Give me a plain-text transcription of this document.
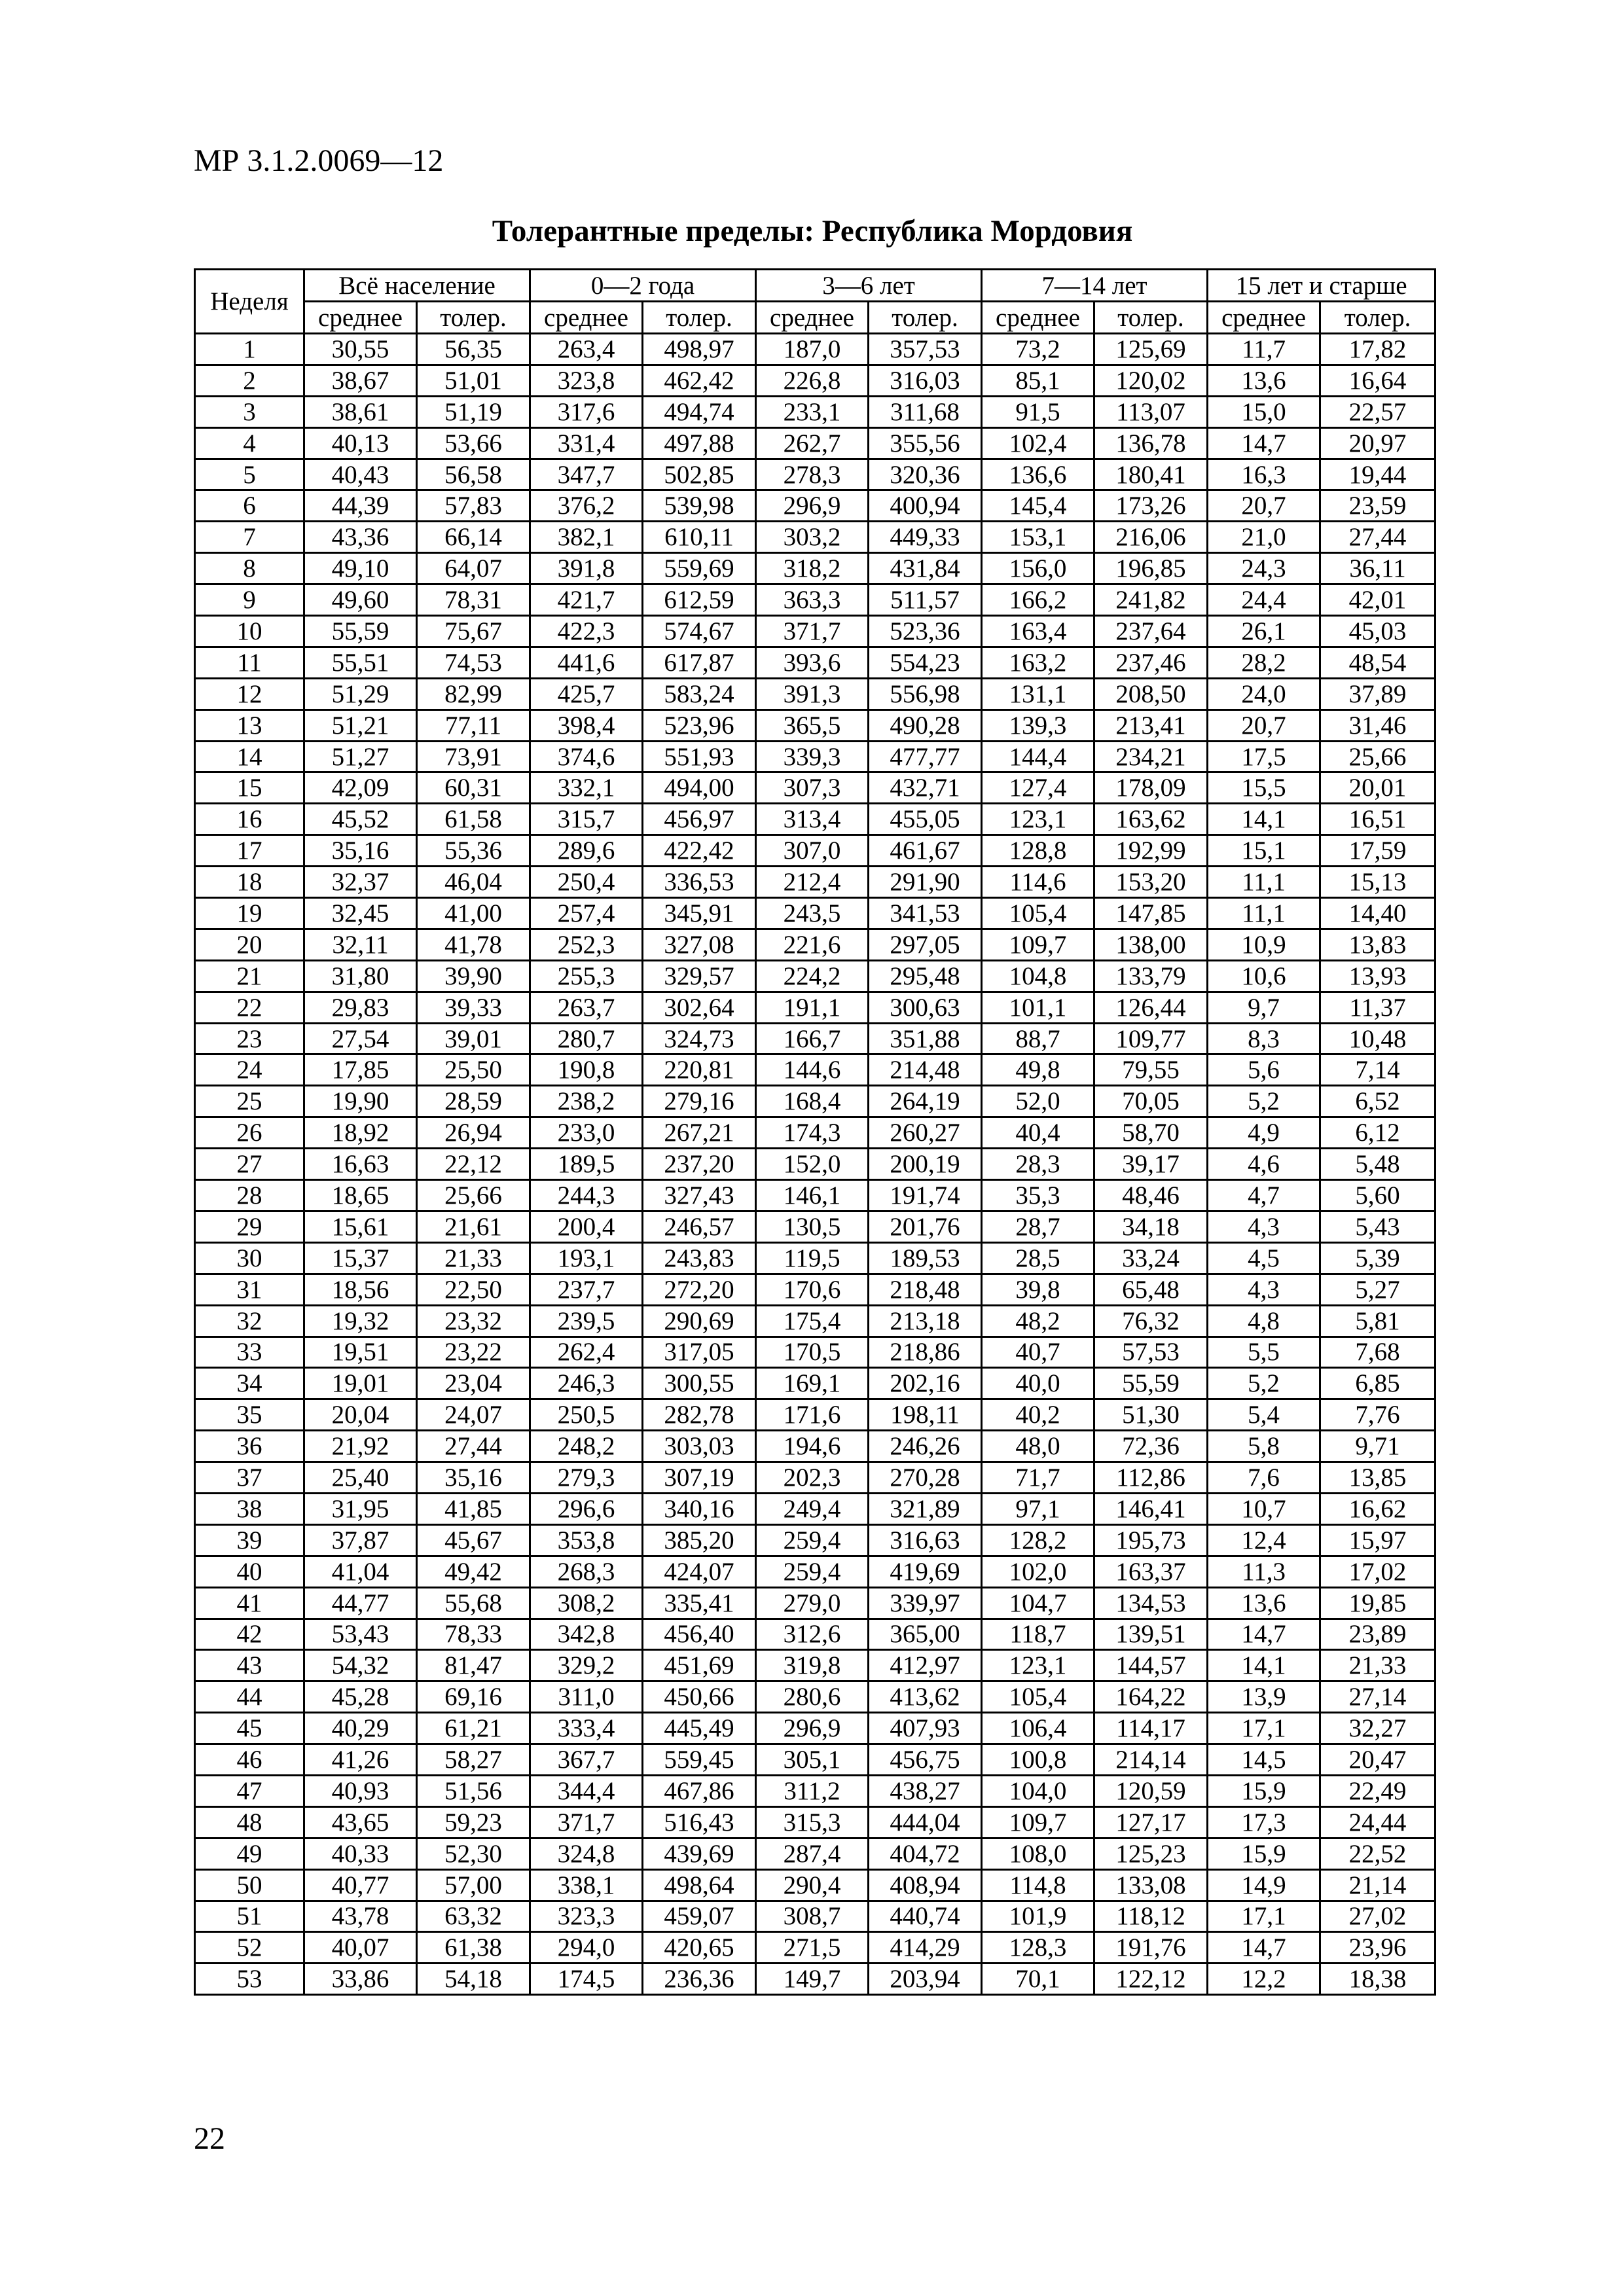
МР 3.1.2.0069—12
Толерантные пределы: Республика Мордовия
Неделя	Всё население		0—2 года		3—6 лет		7—14 лет		15 лет и старше	
	среднее	толер.	среднее	толер.	среднее	толер.	среднее	толер.	среднее	толер.
1	30,55	56,35	263,4	498,97	187,0	357,53	73,2	125,69	11,7	17,82
2	38,67	51,01	323,8	462,42	226,8	316,03	85,1	120,02	13,6	16,64
3	38,61	51,19	317,6	494,74	233,1	311,68	91,5	113,07	15,0	22,57
4	40,13	53,66	331,4	497,88	262,7	355,56	102,4	136,78	14,7	20,97
5	40,43	56,58	347,7	502,85	278,3	320,36	136,6	180,41	16,3	19,44
6	44,39	57,83	376,2	539,98	296,9	400,94	145,4	173,26	20,7	23,59
7	43,36	66,14	382,1	610,11	303,2	449,33	153,1	216,06	21,0	27,44
8	49,10	64,07	391,8	559,69	318,2	431,84	156,0	196,85	24,3	36,11
9	49,60	78,31	421,7	612,59	363,3	511,57	166,2	241,82	24,4	42,01
10	55,59	75,67	422,3	574,67	371,7	523,36	163,4	237,64	26,1	45,03
11	55,51	74,53	441,6	617,87	393,6	554,23	163,2	237,46	28,2	48,54
12	51,29	82,99	425,7	583,24	391,3	556,98	131,1	208,50	24,0	37,89
13	51,21	77,11	398,4	523,96	365,5	490,28	139,3	213,41	20,7	31,46
14	51,27	73,91	374,6	551,93	339,3	477,77	144,4	234,21	17,5	25,66
15	42,09	60,31	332,1	494,00	307,3	432,71	127,4	178,09	15,5	20,01
16	45,52	61,58	315,7	456,97	313,4	455,05	123,1	163,62	14,1	16,51
17	35,16	55,36	289,6	422,42	307,0	461,67	128,8	192,99	15,1	17,59
18	32,37	46,04	250,4	336,53	212,4	291,90	114,6	153,20	11,1	15,13
19	32,45	41,00	257,4	345,91	243,5	341,53	105,4	147,85	11,1	14,40
20	32,11	41,78	252,3	327,08	221,6	297,05	109,7	138,00	10,9	13,83
21	31,80	39,90	255,3	329,57	224,2	295,48	104,8	133,79	10,6	13,93
22	29,83	39,33	263,7	302,64	191,1	300,63	101,1	126,44	9,7	11,37
23	27,54	39,01	280,7	324,73	166,7	351,88	88,7	109,77	8,3	10,48
24	17,85	25,50	190,8	220,81	144,6	214,48	49,8	79,55	5,6	7,14
25	19,90	28,59	238,2	279,16	168,4	264,19	52,0	70,05	5,2	6,52
26	18,92	26,94	233,0	267,21	174,3	260,27	40,4	58,70	4,9	6,12
27	16,63	22,12	189,5	237,20	152,0	200,19	28,3	39,17	4,6	5,48
28	18,65	25,66	244,3	327,43	146,1	191,74	35,3	48,46	4,7	5,60
29	15,61	21,61	200,4	246,57	130,5	201,76	28,7	34,18	4,3	5,43
30	15,37	21,33	193,1	243,83	119,5	189,53	28,5	33,24	4,5	5,39
31	18,56	22,50	237,7	272,20	170,6	218,48	39,8	65,48	4,3	5,27
32	19,32	23,32	239,5	290,69	175,4	213,18	48,2	76,32	4,8	5,81
33	19,51	23,22	262,4	317,05	170,5	218,86	40,7	57,53	5,5	7,68
34	19,01	23,04	246,3	300,55	169,1	202,16	40,0	55,59	5,2	6,85
35	20,04	24,07	250,5	282,78	171,6	198,11	40,2	51,30	5,4	7,76
36	21,92	27,44	248,2	303,03	194,6	246,26	48,0	72,36	5,8	9,71
37	25,40	35,16	279,3	307,19	202,3	270,28	71,7	112,86	7,6	13,85
38	31,95	41,85	296,6	340,16	249,4	321,89	97,1	146,41	10,7	16,62
39	37,87	45,67	353,8	385,20	259,4	316,63	128,2	195,73	12,4	15,97
40	41,04	49,42	268,3	424,07	259,4	419,69	102,0	163,37	11,3	17,02
41	44,77	55,68	308,2	335,41	279,0	339,97	104,7	134,53	13,6	19,85
42	53,43	78,33	342,8	456,40	312,6	365,00	118,7	139,51	14,7	23,89
43	54,32	81,47	329,2	451,69	319,8	412,97	123,1	144,57	14,1	21,33
44	45,28	69,16	311,0	450,66	280,6	413,62	105,4	164,22	13,9	27,14
45	40,29	61,21	333,4	445,49	296,9	407,93	106,4	114,17	17,1	32,27
46	41,26	58,27	367,7	559,45	305,1	456,75	100,8	214,14	14,5	20,47
47	40,93	51,56	344,4	467,86	311,2	438,27	104,0	120,59	15,9	22,49
48	43,65	59,23	371,7	516,43	315,3	444,04	109,7	127,17	17,3	24,44
49	40,33	52,30	324,8	439,69	287,4	404,72	108,0	125,23	15,9	22,52
50	40,77	57,00	338,1	498,64	290,4	408,94	114,8	133,08	14,9	21,14
51	43,78	63,32	323,3	459,07	308,7	440,74	101,9	118,12	17,1	27,02
52	40,07	61,38	294,0	420,65	271,5	414,29	128,3	191,76	14,7	23,96
53	33,86	54,18	174,5	236,36	149,7	203,94	70,1	122,12	12,2	18,38
22
